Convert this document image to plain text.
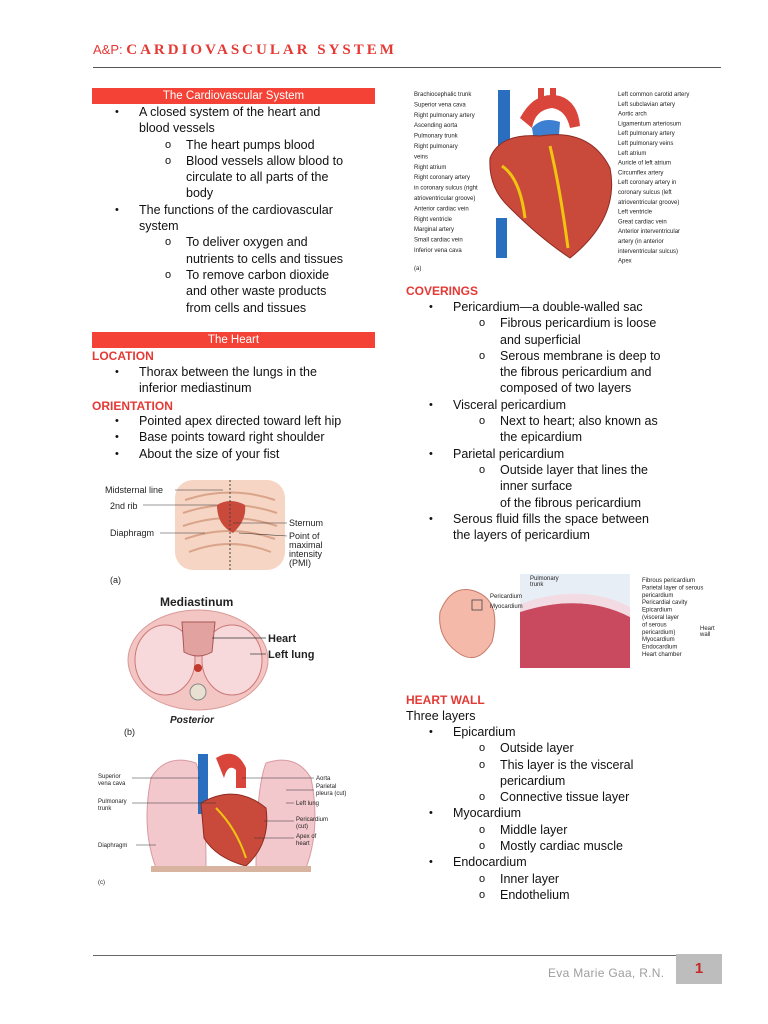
A&P: CARDIOVASCULAR SYSTEM
The Cardiovascular System
• A closed system of the heart and
blood vessels
o The heart pumps blood
o Blood vessels allow blood to
circulate to all parts of the
body
• The functions of the cardiovascular
system
o To deliver oxygen and
nutrients to cells and tissues
o To remove carbon dioxide
and other waste products
from cells and tissues
The Heart
LOCATION
• Thorax between the lungs in the
inferior mediastinum
ORIENTATION
• Pointed apex directed toward left hip
• Base points toward right shoulder
• About the size of your fist
Midsternal line
2nd rib
Diaphragm
Sternum
Point of
maximal
intensity
(PMI)
(a)
Mediastinum
Heart
Left lung
Posterior
(b)
Superior
vena cava
Pulmonary
trunk
Diaphragm
Aorta
Parietal
pleura (cut)
Left lung
Pericardium
(cut)
Apex of
heart
(c)
Brachiocephalic trunk
Superior vena cava
Right pulmonary artery
Ascending aorta
Pulmonary trunk
Right pulmonary
veins
Right atrium
Right coronary artery
in coronary sulcus (right
atrioventricular groove)
Anterior cardiac vein
Right ventricle
Marginal artery
Small cardiac vein
Inferior vena cava
Left common carotid artery
Left subclavian artery
Aortic arch
Ligamentum arteriosum
Left pulmonary artery
Left pulmonary veins
Left atrium
Auricle of left atrium
Circumflex artery
Left coronary artery in
coronary sulcus (left
atrioventricular groove)
Left ventricle
Great cardiac vein
Anterior interventricular
artery (in anterior
interventricular sulcus)
Apex
(a)
COVERINGS
• Pericardium—a double-walled sac
o Fibrous pericardium is loose
and superficial
o Serous membrane is deep to
the fibrous pericardium and
composed of two layers
• Visceral pericardium
o Next to heart; also known as
the epicardium
• Parietal pericardium
o Outside layer that lines the
inner surface
of the fibrous pericardium
• Serous fluid fills the space between
the layers of pericardium
Pulmonary
trunk
Pericardium
Myocardium
Fibrous pericardium
Parietal layer of serous
pericardium
Pericardial cavity
Epicardium
(visceral layer
of serous
pericardium)
Myocardium
Endocardium
Heart chamber
Heart
wall
HEART WALL
Three layers
• Epicardium
o Outside layer
o This layer is the visceral
pericardium
o Connective tissue layer
• Myocardium
o Middle layer
o Mostly cardiac muscle
• Endocardium
o Inner layer
o Endothelium
Eva Marie Gaa, R.N.	1
